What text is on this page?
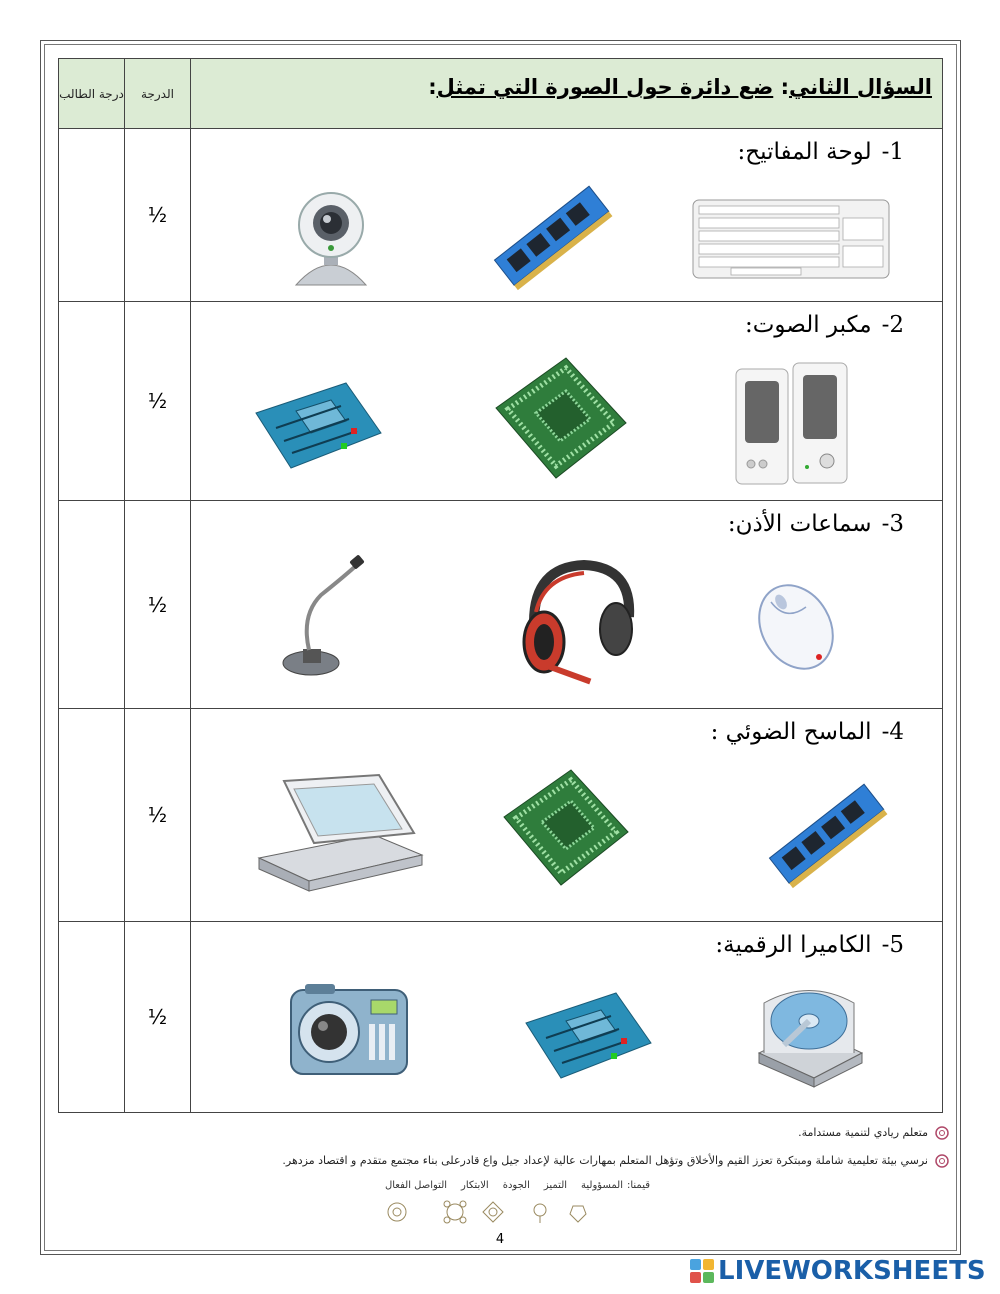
درجة الطالب	الدرجة	السؤال الثاني: ضع دائرة حول الصورة التي تمثل:
	½	1-لوحة المفاتيح:

	½	2-مكبر الصوت:

	½	3-سماعات الأذن:

	½	4-الماسح الضوئي :

	½	5-الكاميرا الرقمية:
متعلم ريادي لتنمية مستدامة.
نرسي بيئة تعليمية شاملة ومبتكرة تعزز القيم والأخلاق وتؤهل المتعلم بمهارات عالية لإعداد جيل واع قادرعلى بناء مجتمع متقدم و اقتصاد مزدهر.
قيمنا:المسؤوليةالتميزالجودةالابتكارالتواصل الفعال
4
LIVEWORKSHEETS
